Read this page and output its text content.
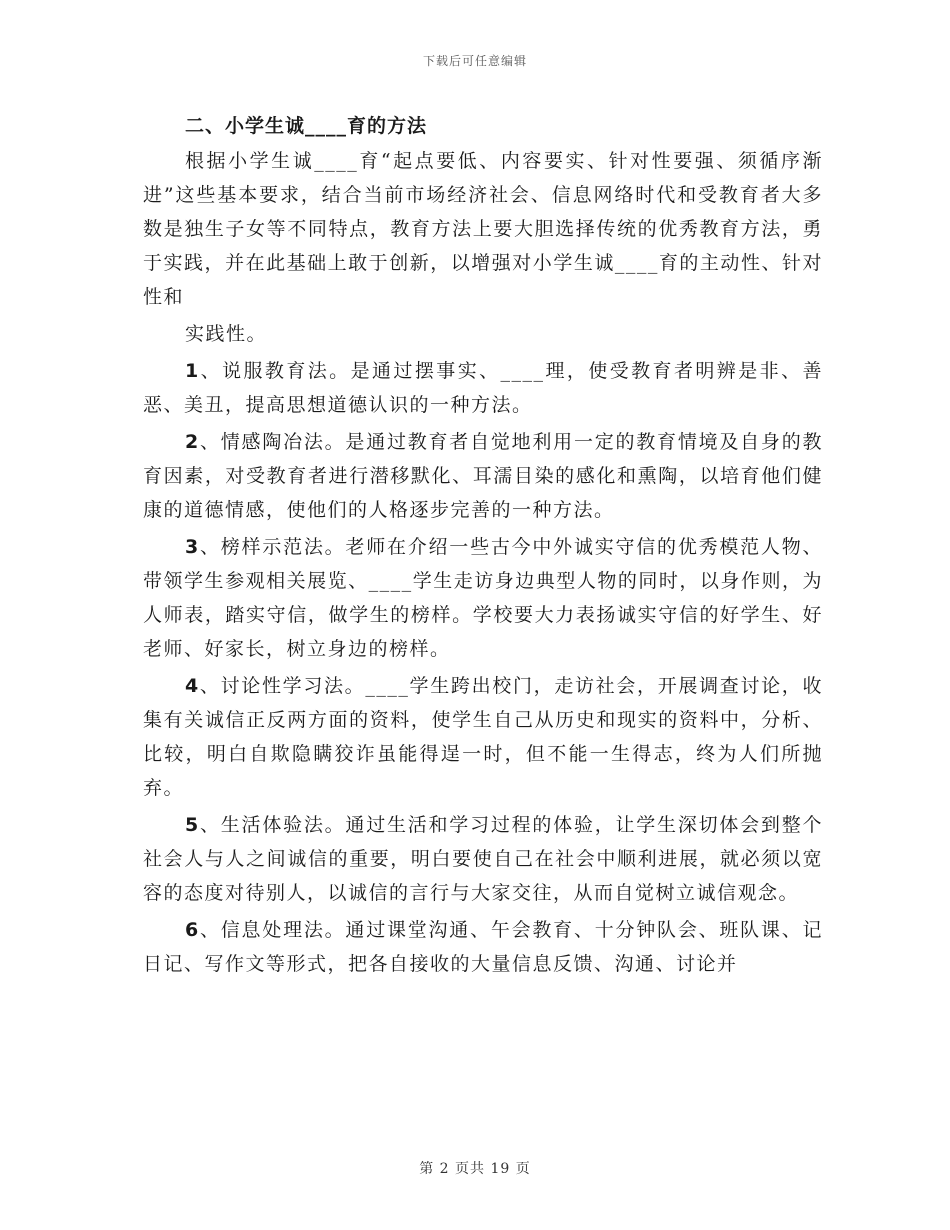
下载后可任意编辑

二、小学生诚____育的方法

根据小学生诚____育“起点要低、内容要实、针对性要强、须循序渐进”这些基本要求，结合当前市场经济社会、信息网络时代和受教育者大多数是独生子女等不同特点，教育方法上要大胆选择传统的优秀教育方法，勇于实践，并在此基础上敢于创新，以增强对小学生诚____育的主动性、针对性和

实践性。

1、说服教育法。是通过摆事实、____理，使受教育者明辨是非、善恶、美丑，提高思想道德认识的一种方法。

2、情感陶冶法。是通过教育者自觉地利用一定的教育情境及自身的教育因素，对受教育者进行潜移默化、耳濡目染的感化和熏陶，以培育他们健康的道德情感，使他们的人格逐步完善的一种方法。

3、榜样示范法。老师在介绍一些古今中外诚实守信的优秀模范人物、带领学生参观相关展览、____学生走访身边典型人物的同时，以身作则，为人师表，踏实守信，做学生的榜样。学校要大力表扬诚实守信的好学生、好老师、好家长，树立身边的榜样。

4、讨论性学习法。____学生跨出校门，走访社会，开展调查讨论，收集有关诚信正反两方面的资料，使学生自己从历史和现实的资料中，分析、比较，明白自欺隐瞒狡诈虽能得逞一时，但不能一生得志，终为人们所抛弃。

5、生活体验法。通过生活和学习过程的体验，让学生深切体会到整个社会人与人之间诚信的重要，明白要使自己在社会中顺利进展，就必须以宽容的态度对待别人，以诚信的言行与大家交往，从而自觉树立诚信观念。

6、信息处理法。通过课堂沟通、午会教育、十分钟队会、班队课、记日记、写作文等形式，把各自接收的大量信息反馈、沟通、讨论并

第 2 页共 19 页
